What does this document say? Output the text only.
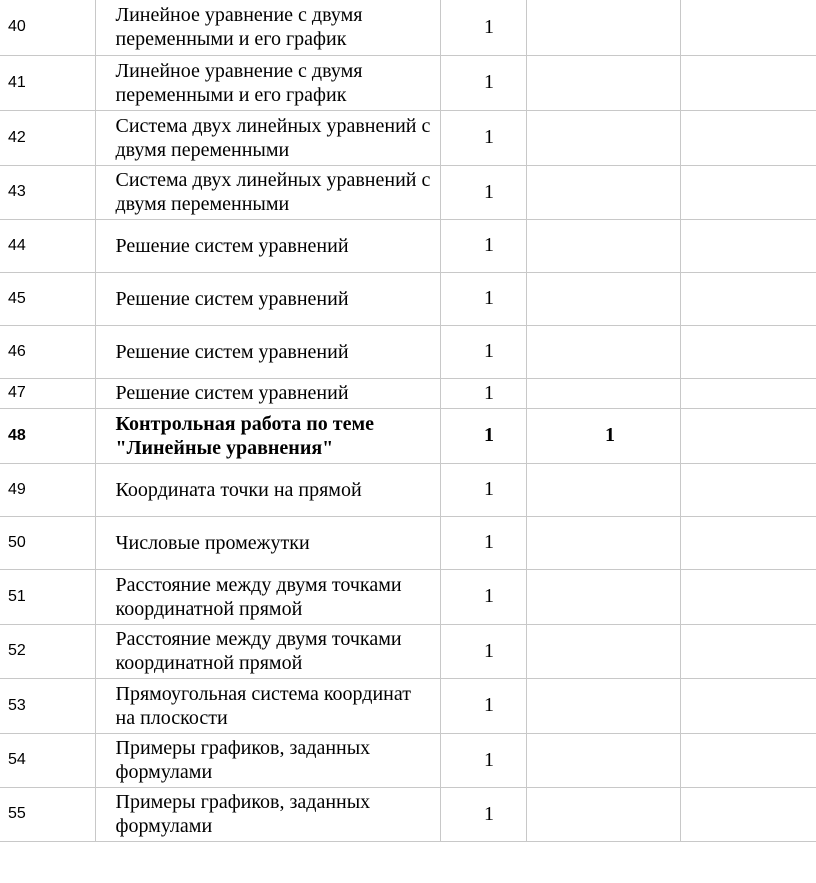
40	Линейное уравнение с двумя переменными и его график	1		
41	Линейное уравнение с двумя переменными и его график	1		
42	Система двух линейных уравнений с двумя переменными	1		
43	Система двух линейных уравнений с двумя переменными	1		
44	Решение систем уравнений	1		
45	Решение систем уравнений	1		
46	Решение систем уравнений	1		
47	Решение систем уравнений	1		
48	Контрольная работа по теме "Линейные уравнения"	1	1	
49	Координата точки на прямой	1		
50	Числовые промежутки	1		
51	Расстояние между двумя точками координатной прямой	1		
52	Расстояние между двумя точками координатной прямой	1		
53	Прямоугольная система координат на плоскости	1		
54	Примеры графиков, заданных формулами	1		
55	Примеры графиков, заданных формулами	1		
